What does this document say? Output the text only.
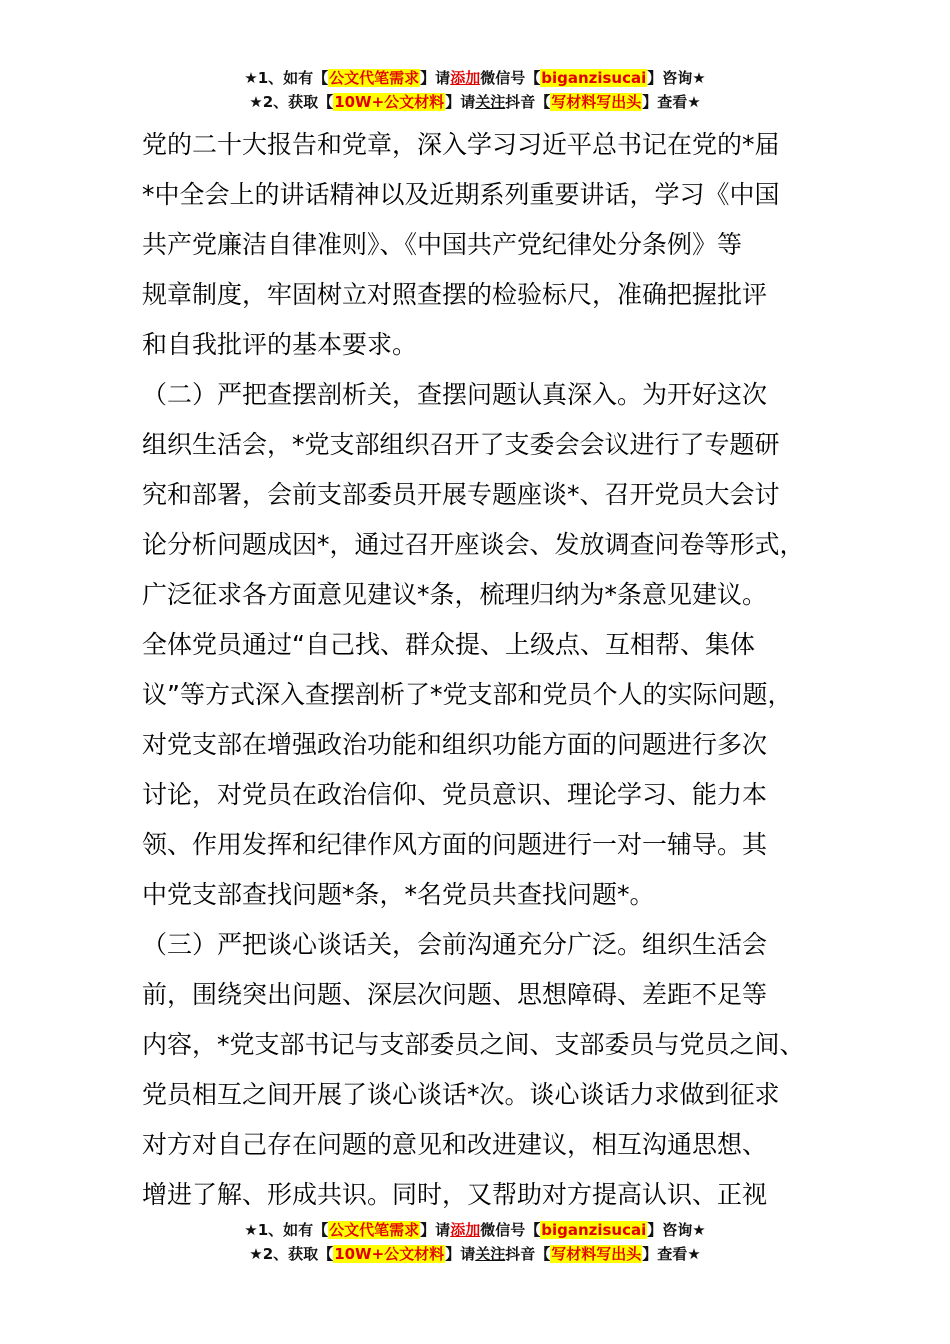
★1、如有【公文代笔需求】请添加微信号【biganzisucai】咨询★
★2、获取【10W+公文材料】请关注抖音【写材料写出头】查看★
党的二十大报告和党章，深入学习习近平总书记在党的*届
*中全会上的讲话精神以及近期系列重要讲话，学习《中国
共产党廉洁自律准则》、《中国共产党纪律处分条例》等
规章制度，牢固树立对照查摆的检验标尺，准确把握批评
和自我批评的基本要求。
（二）严把查摆剖析关，查摆问题认真深入。为开好这次
组织生活会，*党支部组织召开了支委会会议进行了专题研
究和部署，会前支部委员开展专题座谈*、召开党员大会讨
论分析问题成因*，通过召开座谈会、发放调查问卷等形式，
广泛征求各方面意见建议*条，梳理归纳为*条意见建议。
全体党员通过“自己找、群众提、上级点、互相帮、集体
议”等方式深入查摆剖析了*党支部和党员个人的实际问题，
对党支部在增强政治功能和组织功能方面的问题进行多次
讨论，对党员在政治信仰、党员意识、理论学习、能力本
领、作用发挥和纪律作风方面的问题进行一对一辅导。其
中党支部查找问题*条，*名党员共查找问题*。
（三）严把谈心谈话关，会前沟通充分广泛。组织生活会
前，围绕突出问题、深层次问题、思想障碍、差距不足等
内容，*党支部书记与支部委员之间、支部委员与党员之间、
党员相互之间开展了谈心谈话*次。谈心谈话力求做到征求
对方对自己存在问题的意见和改进建议，相互沟通思想、
增进了解、形成共识。同时，又帮助对方提高认识、正视
★1、如有【公文代笔需求】请添加微信号【biganzisucai】咨询★
★2、获取【10W+公文材料】请关注抖音【写材料写出头】查看★
